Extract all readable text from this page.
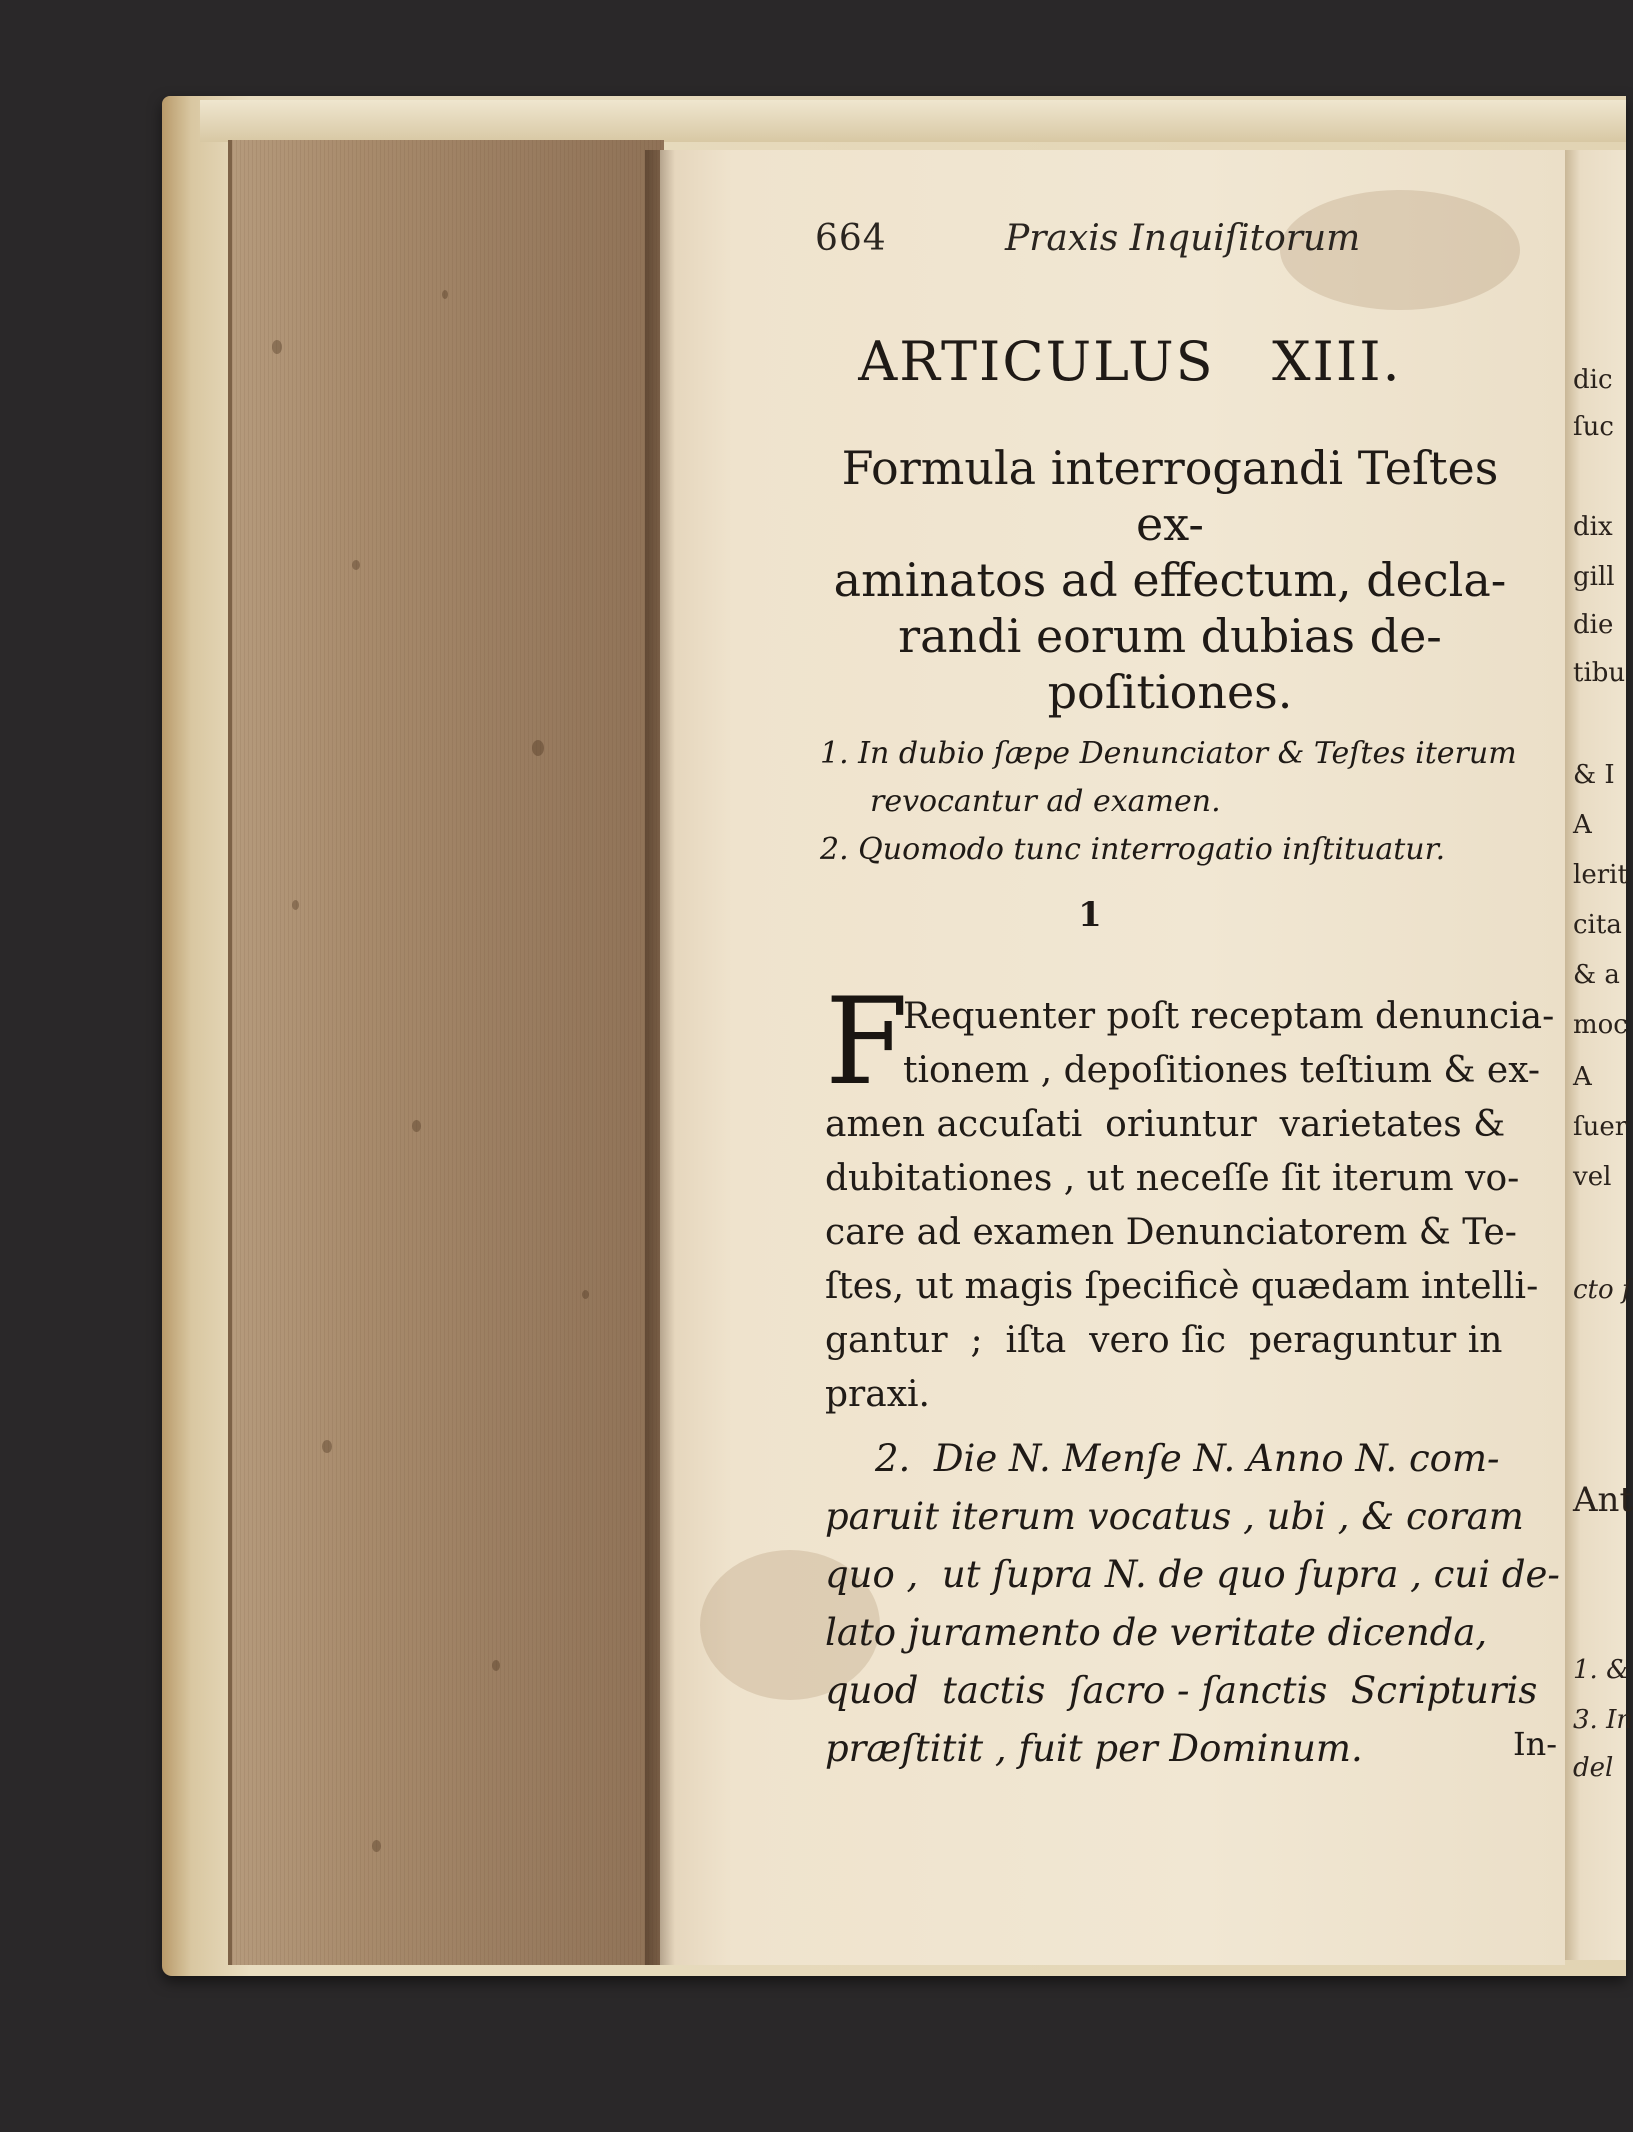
664	Praxis Inquiſitorum
ARTICULUS   XIII.
Formula interrogandi Teſtes ex-
aminatos ad effectum, decla-
randi eorum dubias de-
poſitiones.
1. In dubio ſæpe Denunciator & Teſtes iterum
revocantur ad examen.
2. Quomodo tunc interrogatio inſtituatur.
1
F
Requenter poſt receptam denuncia-
tionem , depoſitiones teſtium & ex-
amen accuſati  oriuntur  varietates &
dubitationes , ut neceſſe ſit iterum vo-
care ad examen Denunciatorem & Te-
ſtes, ut magis ſpecificè quædam intelli-
gantur  ;  iſta  vero ſic  peraguntur in
praxi.
2.  Die N. Menſe N. Anno N. com-
paruit iterum vocatus , ubi , & coram
quo ,  ut ſupra N. de quo ſupra , cui de-
lato juramento de veritate dicenda,
quod  tactis  ſacro - ſanctis  Scripturis
præſtitit , fuit per Dominum.	In-
dic
ſuc
dix
gill
die
tibu
& I
A
lerit
cita
& a
moc
A
ſuer
vel
cto ſ
Ant
1. &
3. In
del
